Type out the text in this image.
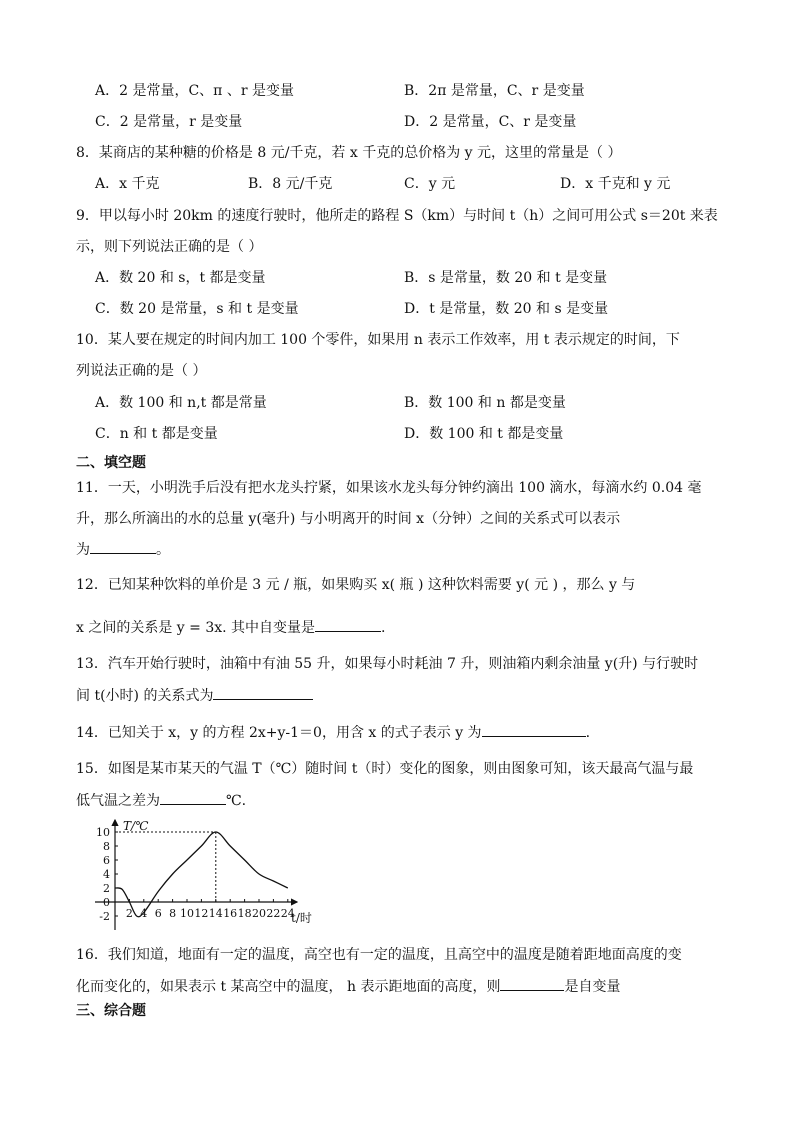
A．2 是常量，C、π 、r 是变量	B．2π 是常量，C、r 是变量
C．2 是常量，r 是变量	D．2 是常量，C、r 是变量
8．某商店的某种糖的价格是 8 元/千克，若 x 千克的总价格为 y 元，这里的常量是（ ）
A．x 千克	B．8 元/千克	C．y 元	D．x 千克和 y 元
9．甲以每小时 20km 的速度行驶时，他所走的路程 S（km）与时间 t（h）之间可用公式 s＝20t 来表
示，则下列说法正确的是（ ）
A．数 20 和 s，t 都是变量	B．s 是常量，数 20 和 t 是变量
C．数 20 是常量，s 和 t 是变量	D．t 是常量，数 20 和 s 是变量
10．某人要在规定的时间内加工 100 个零件，如果用 n 表示工作效率，用 t 表示规定的时间，下
列说法正确的是（ ）
A．数 100 和 n,t 都是常量	B．数 100 和 n 都是变量
C．n 和 t 都是变量	D．数 100 和 t 都是变量
二、填空题
11．一天，小明洗手后没有把水龙头拧紧，如果该水龙头每分钟约滴出 100 滴水，每滴水约 0.04 毫
升，那么所滴出的水的总量 y(毫升) 与小明离开的时间 x（分钟）之间的关系式可以表示
为	。
12．已知某种饮料的单价是 3 元 / 瓶，如果购买 x( 瓶 ) 这种饮料需要 y( 元 ) ，那么 y 与
x 之间的关系是 y = 3x. 其中自变量是	.
13．汽车开始行驶时，油箱中有油 55 升，如果每小时耗油 7 升，则油箱内剩余油量 y(升) 与行驶时
间 t(小时) 的关系式为
14．已知关于 x，y 的方程 2x+y-1＝0，用含 x 的式子表示 y 为	.
15．如图是某市某天的气温 T（℃）随时间 t（时）变化的图象，则由图象可知，该天最高气温与最
低气温之差为	℃.
10
8
6
4
2
0
-2 2 4 6 8 10 12 14 16 18 20 22 24
T/℃
t/时
16．我们知道，地面有一定的温度，高空也有一定的温度，且高空中的温度是随着距地面高度的变
化而变化的，如果表示 t 某高空中的温度， h 表示距地面的高度，则	是自变量
三、综合题
